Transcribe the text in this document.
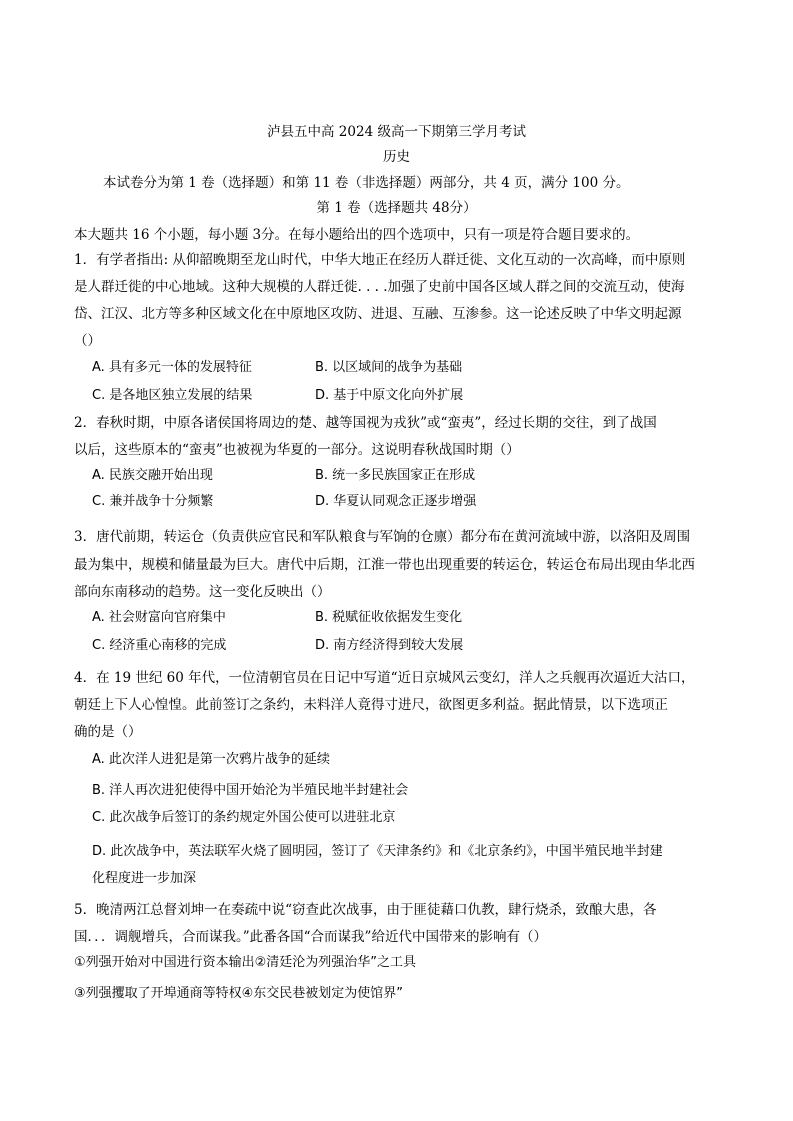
泸县五中高 2024 级高一下期第三学月考试
历史
本试卷分为第 1 卷（选择题）和第 11 卷（非选择题）两部分，共 4 页，满分 100 分。
第 1 卷（选择题共 48分）
本大题共 16 个小题，每小题 3分。在每小题给出的四个选项中，只有一项是符合题目要求的。
1．有学者指出: 从仰韶晚期至龙山时代，中华大地正在经历人群迁徙、文化互动的一次高峰，而中原则
是人群迁徙的中心地域。这种大规模的人群迁徙. . . .加强了史前中国各区域人群之间的交流互动，使海
岱、江汉、北方等多种区域文化在中原地区攻防、进退、互融、互渗参。这一论述反映了中华文明起源
（）
A. 具有多元一体的发展特征	B. 以区域间的战争为基础
C. 是各地区独立发展的结果	D. 基于中原文化向外扩展
2．春秋时期，中原各诸侯国将周边的楚、越等国视为戎狄”或“蛮夷”，经过长期的交往，到了战国
以后，这些原本的“蛮夷”也被视为华夏的一部分。这说明春秋战国时期（）
A. 民族交融开始出现	B. 统一多民族国家正在形成
C. 兼并战争十分频繁	D. 华夏认同观念正逐步增强
3．唐代前期，转运仓（负责供应官民和军队粮食与军饷的仓廪）都分布在黄河流域中游，以洛阳及周围
最为集中，规模和储量最为巨大。唐代中后期，江淮一带也出现重要的转运仓，转运仓布局出现由华北西
部向东南移动的趋势。这一变化反映出（）
A. 社会财富向官府集中	B. 税赋征收依据发生变化
C. 经济重心南移的完成	D. 南方经济得到较大发展
4．在 19 世纪 60 年代，一位清朝官员在日记中写道“近日京城风云变幻，洋人之兵舰再次逼近大沽口，
朝廷上下人心惶惶。此前签订之条约，未料洋人竟得寸进尺，欲图更多利益。据此情景，以下选项正
确的是（）
A. 此次洋人进犯是第一次鸦片战争的延续
B. 洋人再次进犯使得中国开始沦为半殖民地半封建社会
C. 此次战争后签订的条约规定外国公使可以进驻北京
D. 此次战争中，英法联军火烧了圆明园，签订了《天津条约》和《北京条约》，中国半殖民地半封建
化程度进一步加深
5．晚清两江总督刘坤一在奏疏中说“窃查此次战事，由于匪徒藉口仇教，肆行烧杀，致酿大患，各
国．．．调舰增兵，合而谋我。”此番各国“合而谋我”给近代中国带来的影响有（）
①列强开始对中国进行资本输出②清廷沦为列强治华”之工具
③列强攫取了开埠通商等特权④东交民巷被划定为使馆界”
